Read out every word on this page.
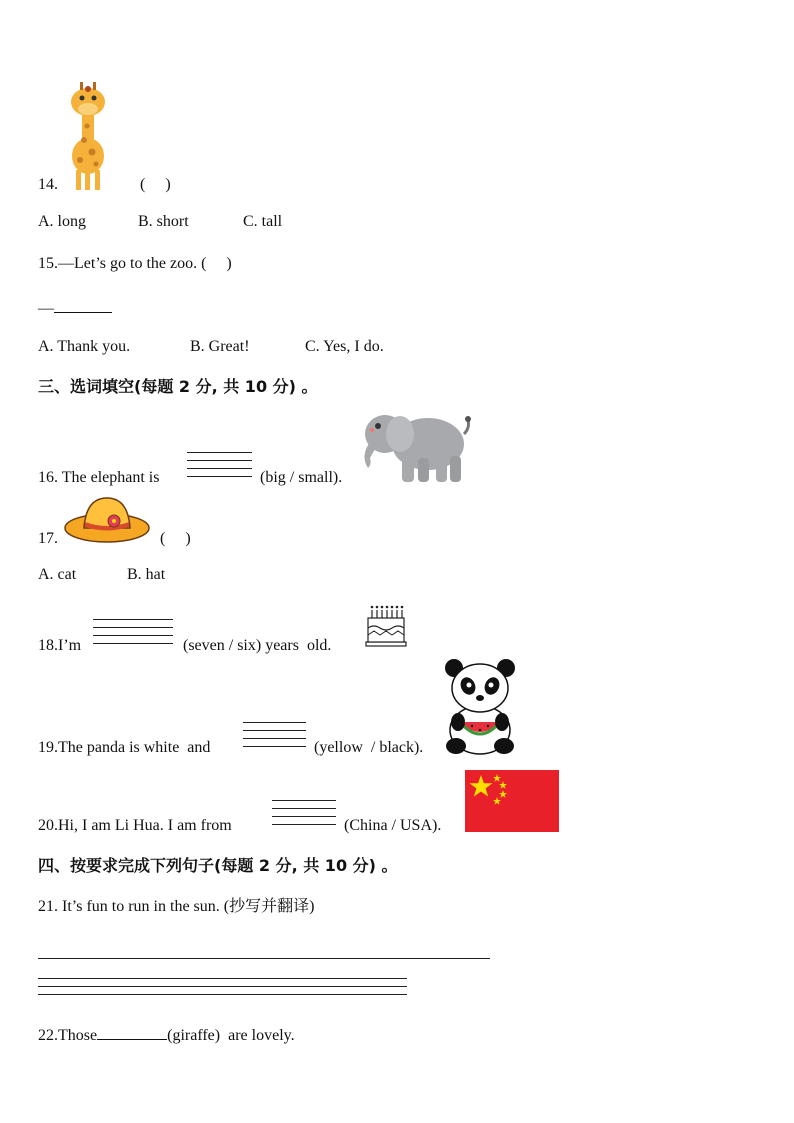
14.	(     )
A. long	B. short	C. tall
15.—Let’s go to the zoo. (     )
—
A. Thank you.	B. Great!	C. Yes, I do.
三、选词填空(每题 2 分, 共 10 分) 。
16. The elephant is	(big / small).
17.	(     )
A. cat	B. hat
18.I’m	(seven / six) years  old.
19.The panda is white  and	(yellow  / black).
20.Hi, I am Li Hua. I am from	(China / USA).
四、按要求完成下列句子(每题 2 分, 共 10 分) 。
21. It’s fun to run in the sun. (抄写并翻译)
22.Those	(giraffe)  are lovely.
